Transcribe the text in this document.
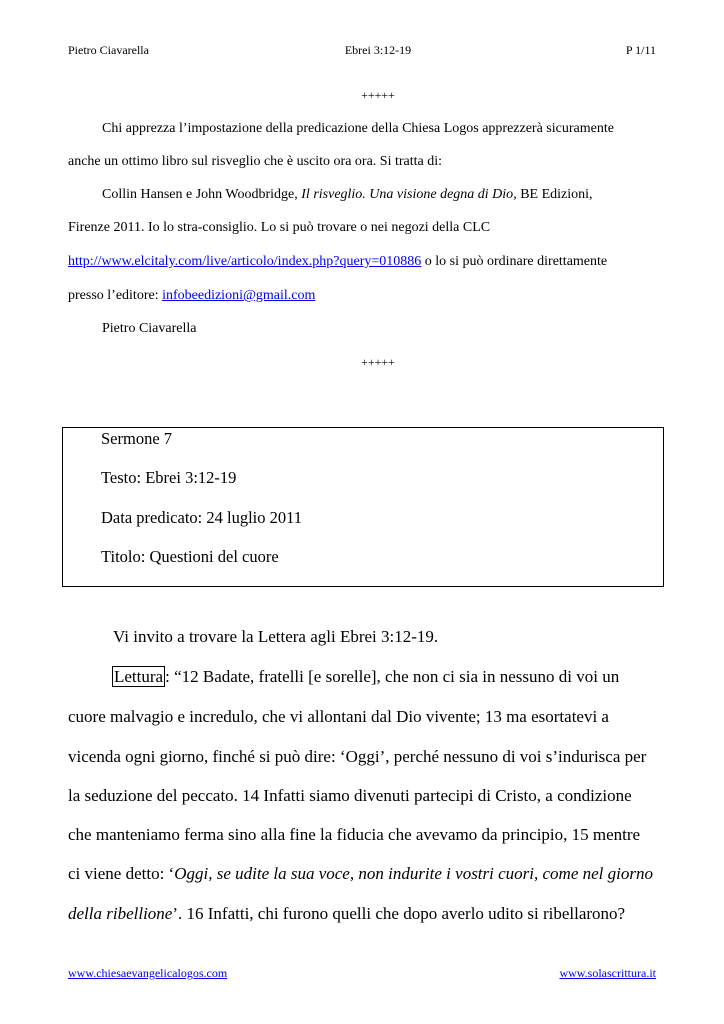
Pietro Ciavarella	Ebrei 3:12-19	P 1/11
+++++
Chi apprezza l’impostazione della predicazione della Chiesa Logos apprezzerà sicuramente
anche un ottimo libro sul risveglio che è uscito ora ora. Si tratta di:
Collin Hansen e John Woodbridge, Il risveglio. Una visione degna di Dio, BE Edizioni,
Firenze 2011. Io lo stra-consiglio. Lo si può trovare o nei negozi della CLC
http://www.elcitaly.com/live/articolo/index.php?query=010886 o lo si può ordinare direttamente
presso l’editore: infobeedizioni@gmail.com
Pietro Ciavarella
+++++
Sermone 7
Testo: Ebrei 3:12-19
Data predicato: 24 luglio 2011
Titolo: Questioni del cuore
Vi invito a trovare la Lettera agli Ebrei 3:12-19.
Lettura : “12 Badate, fratelli [e sorelle], che non ci sia in nessuno di voi un
cuore malvagio e incredulo, che vi allontani dal Dio vivente; 13 ma esortatevi a
vicenda ogni giorno, finché si può dire: ‘Oggi’, perché nessuno di voi s’indurisca per
la seduzione del peccato. 14 Infatti siamo divenuti partecipi di Cristo, a condizione
che manteniamo ferma sino alla fine la fiducia che avevamo da principio, 15 mentre
ci viene detto: ‘Oggi, se udite la sua voce, non indurite i vostri cuori, come nel giorno
della ribellione’. 16 Infatti, chi furono quelli che dopo averlo udito si ribellarono?
www.chiesaevangelicalogos.com	www.solascrittura.it
